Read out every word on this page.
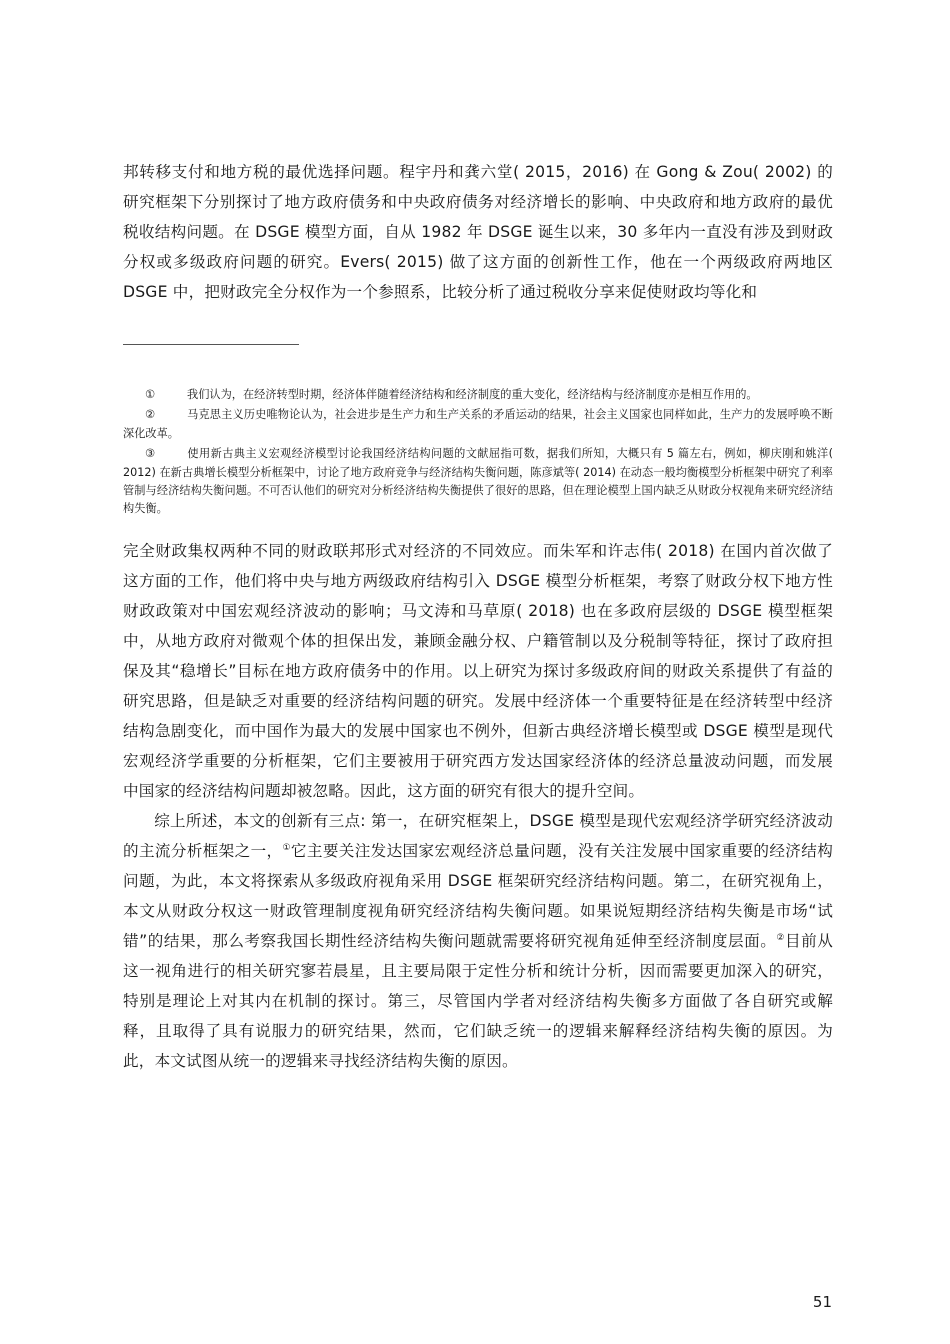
邦转移支付和地方税的最优选择问题。程宇丹和龚六堂( 2015，2016) 在 Gong & Zou( 2002) 的研究框架下分别探讨了地方政府债务和中央政府债务对经济增长的影响、中央政府和地方政府的最优税收结构问题。在 DSGE 模型方面，自从 1982 年 DSGE 诞生以来，30 多年内一直没有涉及到财政分权或多级政府问题的研究。Evers( 2015) 做了这方面的创新性工作，他在一个两级政府两地区 DSGE 中，把财政完全分权作为一个参照系，比较分析了通过税收分享来促使财政均等化和

①	我们认为，在经济转型时期，经济体伴随着经济结构和经济制度的重大变化，经济结构与经济制度亦是相互作用的。

②	马克思主义历史唯物论认为，社会进步是生产力和生产关系的矛盾运动的结果，社会主义国家也同样如此，生产力的发展呼唤不断深化改革。

③	使用新古典主义宏观经济模型讨论我国经济结构问题的文献屈指可数，据我们所知，大概只有 5 篇左右，例如，柳庆刚和姚洋( 2012) 在新古典增长模型分析框架中，讨论了地方政府竞争与经济结构失衡问题，陈彦斌等( 2014) 在动态一般均衡模型分析框架中研究了利率管制与经济结构失衡问题。不可否认他们的研究对分析经济结构失衡提供了很好的思路，但在理论模型上国内缺乏从财政分权视角来研究经济结构失衡。

完全财政集权两种不同的财政联邦形式对经济的不同效应。而朱军和许志伟( 2018) 在国内首次做了这方面的工作，他们将中央与地方两级政府结构引入 DSGE 模型分析框架，考察了财政分权下地方性财政政策对中国宏观经济波动的影响；马文涛和马草原( 2018) 也在多政府层级的 DSGE 模型框架中，从地方政府对微观个体的担保出发，兼顾金融分权、户籍管制以及分税制等特征，探讨了政府担保及其“稳增长”目标在地方政府债务中的作用。以上研究为探讨多级政府间的财政关系提供了有益的研究思路，但是缺乏对重要的经济结构问题的研究。发展中经济体一个重要特征是在经济转型中经济结构急剧变化，而中国作为最大的发展中国家也不例外，但新古典经济增长模型或 DSGE 模型是现代宏观经济学重要的分析框架，它们主要被用于研究西方发达国家经济体的经济总量波动问题，而发展中国家的经济结构问题却被忽略。因此，这方面的研究有很大的提升空间。

综上所述，本文的创新有三点: 第一，在研究框架上，DSGE 模型是现代宏观经济学研究经济波动的主流分析框架之一，①它主要关注发达国家宏观经济总量问题，没有关注发展中国家重要的经济结构问题，为此，本文将探索从多级政府视角采用 DSGE 框架研究经济结构问题。第二，在研究视角上，本文从财政分权这一财政管理制度视角研究经济结构失衡问题。如果说短期经济结构失衡是市场“试错”的结果，那么考察我国长期性经济结构失衡问题就需要将研究视角延伸至经济制度层面。②目前从这一视角进行的相关研究寥若晨星，且主要局限于定性分析和统计分析，因而需要更加深入的研究，特别是理论上对其内在机制的探讨。第三，尽管国内学者对经济结构失衡多方面做了各自研究或解释，且取得了具有说服力的研究结果，然而，它们缺乏统一的逻辑来解释经济结构失衡的原因。为此，本文试图从统一的逻辑来寻找经济结构失衡的原因。

51
